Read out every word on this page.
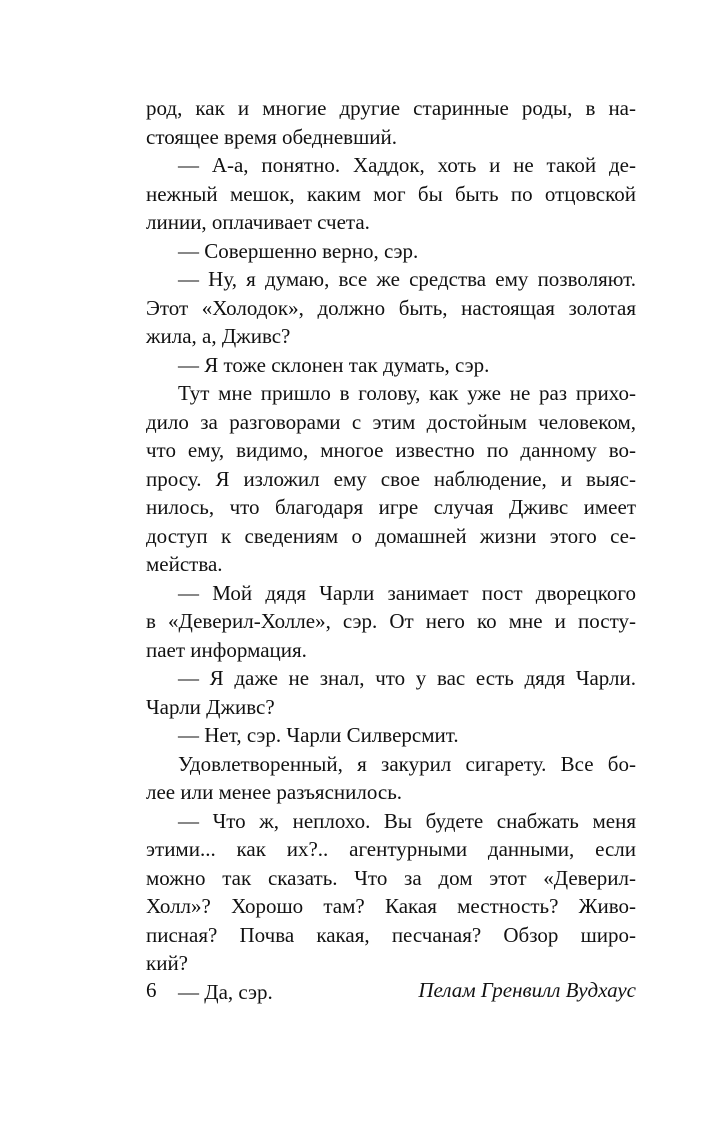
род, как и многие другие старинные роды, в на-
стоящее время обедневший.
— А-а, понятно. Хаддок, хоть и не такой де-
нежный мешок, каким мог бы быть по отцовской
линии, оплачивает счета.
— Совершенно верно, сэр.
— Ну, я думаю, все же средства ему позволяют.
Этот «Холодок», должно быть, настоящая золотая
жила, а, Дживс?
— Я тоже склонен так думать, сэр.
Тут мне пришло в голову, как уже не раз прихо-
дило за разговорами с этим достойным человеком,
что ему, видимо, многое известно по данному во-
просу. Я изложил ему свое наблюдение, и выяс-
нилось, что благодаря игре случая Дживс имеет
доступ к сведениям о домашней жизни этого се-
мейства.
— Мой дядя Чарли занимает пост дворецкого
в «Деверил-Холле», сэр. От него ко мне и посту-
пает информация.
— Я даже не знал, что у вас есть дядя Чарли.
Чарли Дживс?
— Нет, сэр. Чарли Силверсмит.
Удовлетворенный, я закурил сигарету. Все бо-
лее или менее разъяснилось.
— Что ж, неплохо. Вы будете снабжать меня
этими... как их?.. агентурными данными, если
можно так сказать. Что за дом этот «Деверил-
Холл»? Хорошо там? Какая местность? Живо-
писная? Почва какая, песчаная? Обзор широ-
кий?
— Да, сэр.
6	Пелам Гренвилл Вудхаус
